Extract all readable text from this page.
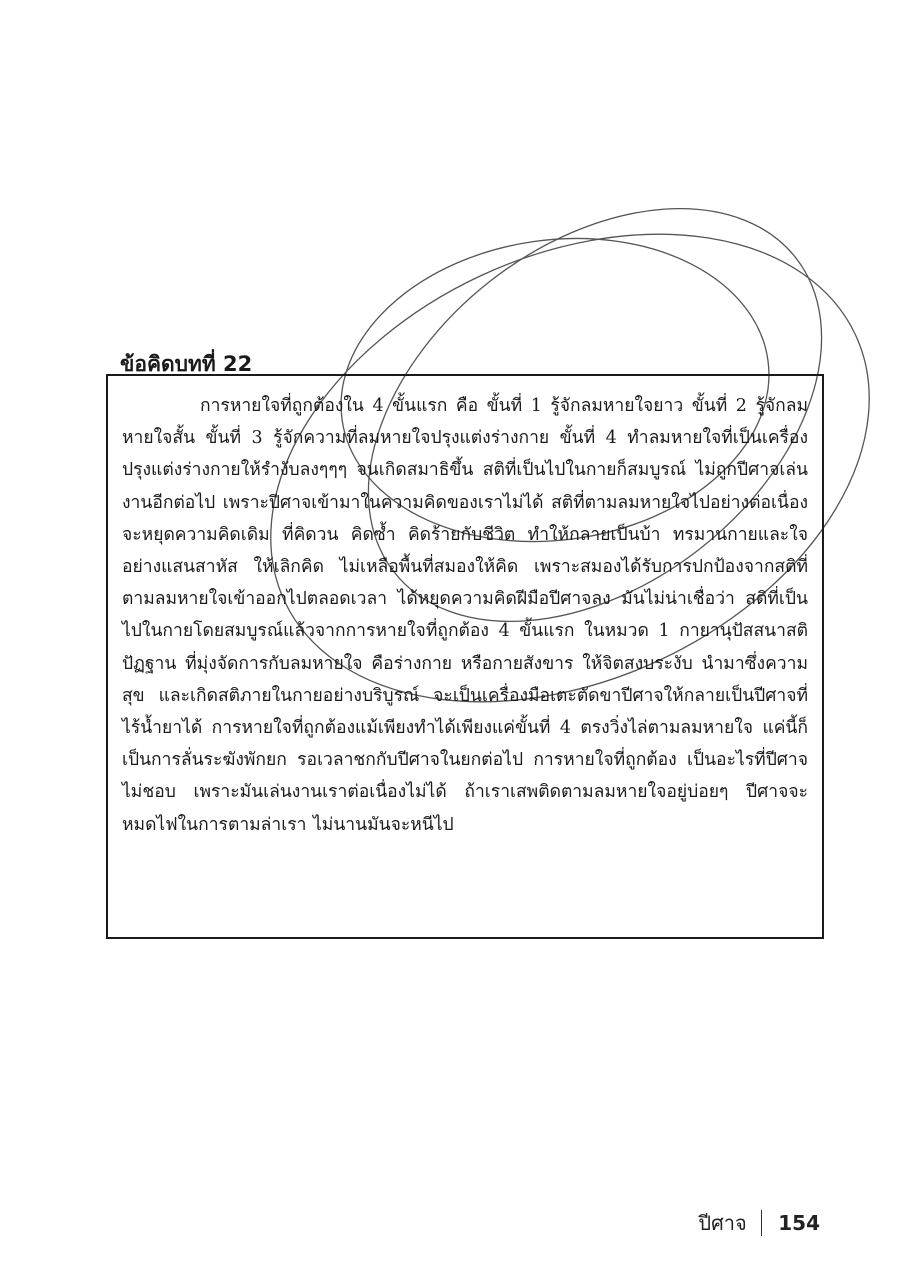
ข้อคิดบทที่ 22

การหายใจที่ถูกต้องใน 4 ขั้นแรก คือ ขั้นที่ 1 รู้จักลมหายใจยาว ขั้นที่ 2 รู้จักลมหายใจสั้น ขั้นที่ 3 รู้จักความที่ลมหายใจปรุงแต่งร่างกาย ขั้นที่ 4 ทำลมหายใจที่เป็นเครื่องปรุงแต่งร่างกายให้รำงับลงๆๆๆ จนเกิดสมาธิขึ้น สติที่เป็นไปในกายก็สมบูรณ์ ไม่ถูกปีศาจเล่นงานอีกต่อไป เพราะปีศาจเข้ามาในความคิดของเราไม่ได้ สติที่ตามลมหายใจไปอย่างต่อเนื่อง จะหยุดความคิดเดิม ที่คิดวน คิดซ้ำ คิดร้ายกับชีวิต ทำให้กลายเป็นบ้า ทรมานกายและใจอย่างแสนสาหัส ให้เลิกคิด ไม่เหลือพื้นที่สมองให้คิด เพราะสมองได้รับการปกป้องจากสติที่ตามลมหายใจเข้าออกไปตลอดเวลา ได้หยุดความคิดฝีมือปีศาจลง มันไม่น่าเชื่อว่า สติที่เป็นไปในกายโดยสมบูรณ์แล้วจากการหายใจที่ถูกต้อง 4 ขั้นแรก ในหมวด 1 กายานุปัสสนาสติปัฏฐาน ที่มุ่งจัดการกับลมหายใจ คือร่างกาย หรือกายสังขาร ให้จิตสงบระงับ นำมาซึ่งความสุข และเกิดสติภายในกายอย่างบริบูรณ์ จะเป็นเครื่องมือเตะตัดขาปีศาจให้กลายเป็นปีศาจที่ไร้น้ำยาได้ การหายใจที่ถูกต้องแม้เพียงทำได้เพียงแค่ขั้นที่ 4 ตรงวิ่งไล่ตามลมหายใจ แค่นี้ก็เป็นการลั่นระฆังพักยก รอเวลาชกกับปีศาจในยกต่อไป การหายใจที่ถูกต้อง เป็นอะไรที่ปีศาจไม่ชอบ เพราะมันเล่นงานเราต่อเนื่องไม่ได้ ถ้าเราเสพติดตามลมหายใจอยู่บ่อยๆ ปีศาจจะหมดไฟในการตามล่าเรา ไม่นานมันจะหนีไป

ปีศาจ 154
